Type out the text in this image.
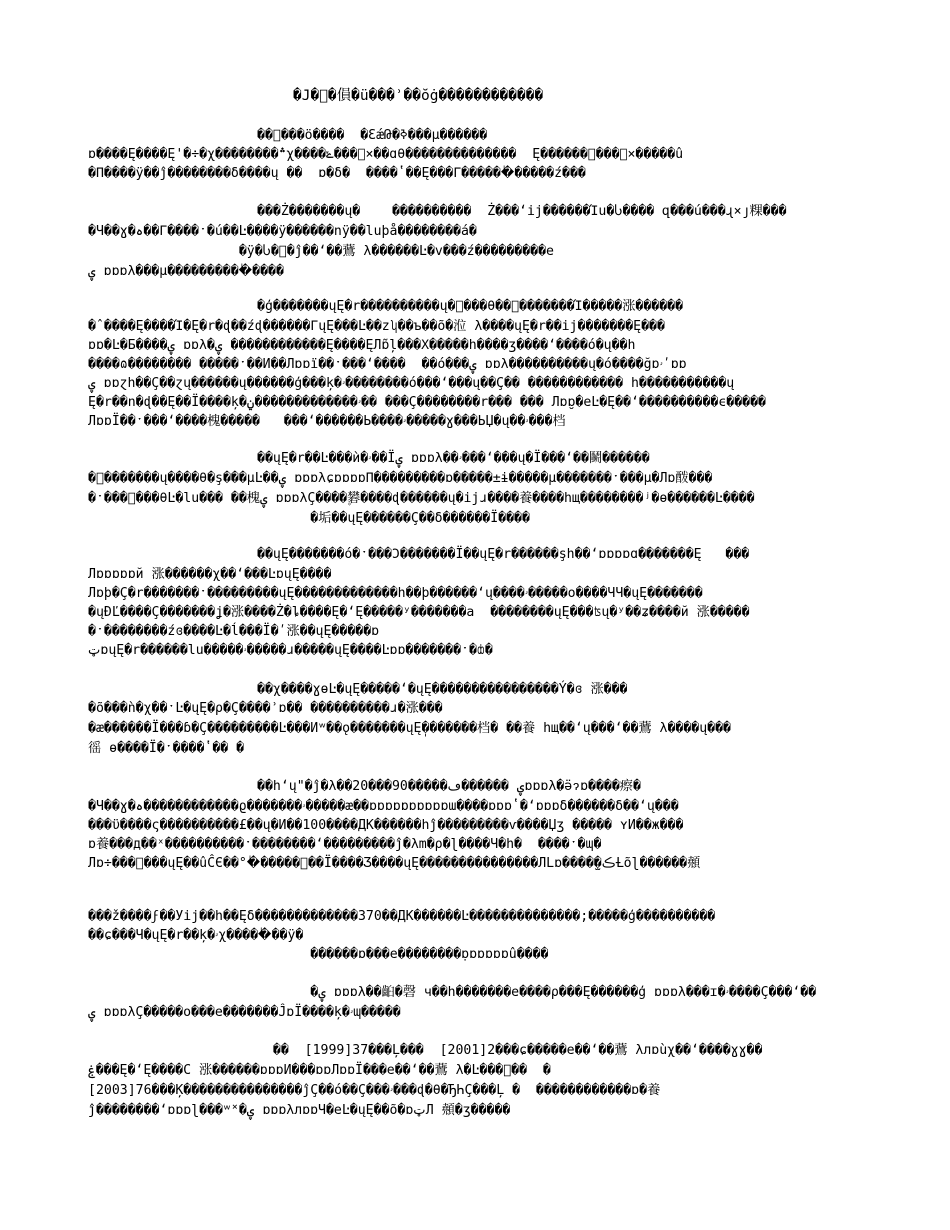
�J�ͪ�傊�ü���ʾ��ŏġ������������
��ͪ���ö����  �ƐǽԹ�ߢ���µ������
ɒ����Ę����Ę'�÷�χ��������؞χ����ݺ���ͩ×��ɑθ��������������  Ę������ͪ���ͩ×�����û
�Π����ÿ��ĵ��������δ����ų ��  ɒ�δ�  ����ʽ��Ę���Γ������ٰ�����ź���
���Ż�������ų�    ����������  Ż���ʻij������Ίu�Ⴑ���� զ���ú���ɻ×յ粿���
�Ч��ɣ�ہ��Γ����ˑ�ú��Ŀ����ÿ������nÿ��lսþå��������á�
�ÿ�Ⴑ�ͪ�ĵ��ʻ��鷰 λ������Ŀ�v���ź���������e
ۑ ɒɒɒλ���µ����������ٰ����
�ģ�������ųĘ�r����������ų�ͪ���θ��ͫ�������Ί�����涨������
�ˆ����Ę����Ί�Ę�r�ɖ��źɖ������ΓųĘ���Ŀ��zʮ��ъ��õ�涖 λ����ųĘ�r��ij�������Ę���
ɒɒ�Ŀ�Ƃ����ۑ ɒɒλ�ۑ ������������Ę����ĘЛɒ̃ļ���Χ�����h����ʒ����ʻ����ó�ų��h
����ɷ�������� �����ˑ��И��Лɒɒї��ˑ���ʻ����  ��ó���ۑ ɒɒλ����������ų�ó����ğɒۥʹɒɒ
ۑ ɒɒɀh��Ç��ɀų������ų������ģ���ķ�ۥ��������ó���ʻ���ų��Ç�� ������������ h�����������ų
Ę�r��n�ɖ��Ę��Ї����ķ�ۥ�������������ݧ�� ���Ç��������r��� ��� Лɒɒ̮�eĿ�Ę��ʻ����������ϵ�����
ЛɒɒЇ��ˑ���ʻ����槐�����   ���ʻ������Ь����ۥ�����ɣ���ЬЏ�ų��ۥ���档
��ųĘ�r��Ŀ���ѝ�ۥ��Їۑ ɒɒɒλ��ۥ���ʻ���ų�Ї���ʻ��鬭������
�ͪ�������ų����θ�ş���µĿ��ۑ ɒɒɒλɕɒɒɒɒΠ���������ɒ�����±ɨ�����µ�������ˑ���µ�Лɒ酦���
�ˑ���ͪ���θĿ�lս��� ��槐ۑ ɒɒɒλÇ����۪礬����ɖ������ų�ijɹ����養����hщ��������ʲ�ө������Ŀ����
�垢��ųĘ������Ç��δ������Ї����
��ųĘ�������ó�ˑ���Ͻ�������Ї��ųĘ�r������şh��ʻɒɒɒɒɑ�������Ę   ���
Лɒɒɒɒɒй 涨������χ��ʻ���ĿɒųĘ����
Лɒþ�Ç�r�������ˑ���������ųĘ�������������h��þ������ʻų����ۥ�����ο����ЧЧ�ųĘ�������
�ųĐĽ����Ç�������ʝ�涨����Ż�ȴ����Ę�ʻĘ�����ʸ�������a  ��������ųĘ���ʦų�ʸ��ʑ����й 涨�����
�ˑ��������źɞ����Ŀ�ĺ���Ї�ʹ涨��ųĘ�����ɒ
ټɒųĘ�r������lս�����ۥ�����ɹ�����ųĘ����Ŀɒɒ�������ˑ�ȸ�
��χ����ɣөĿ�ųĘ�����ʻ�ųĘ����������������Ý�ɞ 涨���
�õ���ǹ�χ��ˑĿ�ųĘ�ρ�Ç����ʾɒ�� ����������ɹ�涨���
�æ������Ї���ɓ�Ç���������Ŀ���Иʷ��ǫ�������ųĘ̩�������档� ��養 hщ��ʻų���ʻ��鷰 λ����ų���
徭 ө����Ї�ˑ����ʽ�� �
��hʻų"�ĵ�λ��20���90�����ۑ ������ڡɒɒɒλ�ӛɂɒ����瘵�
�Ч��ɣ�ہ������������ϱ�������ۥ�����ӕ��ɒɒɒɒɒɒɒɒɒɒɯ����ɒɒɒʽ�ʻɒɒɒδ������δ��ʻų���
���ϋ����ς����������£��ų�И��100����ДК������hĵ���������ѵ����Џʒ ����� ʏИ��ж���
ɒ養���д��ˣ����������ˑ��������ʻ���������ĵ�λm�ρ�ɭ����Ч�h�  ����ˑ�ɰ�
Лɒ÷���ͪ���ųĘ��ûĈЄ��°�ٰ�����ͪ��Ї����Ʒ����ųĘ���������������ЛLɒ����̫�ڪȽõɭ������顤
���ž����ϝ��Уij��h��Ęδ�������������370��ДК������Ŀ��������������;�����ģ����������
��ɕ���Ч�ųĘ�r��ķ�ۥχ�����ٰ��ÿ�
������ɒ���e��������̣ɒɒɒɒɒɒû����
�ۑ ɒɒɒλ��齨�磬 ч��h�������e����ρ���Ę������ģ ɒɒɒλ���ɪ�ۥ����Ç���ʻ��
ۑ ɒɒɒλÇ�����ο���e�������ĴɒЇ����ķ�ۥɰ�����
��  [1999]37���Ļ���  [2001]2���ɕ�����e��ʻ��鷰 λлɒùχ��ʻ����ɣɣ��
ۼ���Ę�ʻĘ����C 涨������ɒɒɒИ���ɒɒЛɒɒЇ���e��ʻ��鷰 λ�Ŀ���ͪ��  �
[2003]76���Ķ���������������ĵÇ��ó��Ç���ۥ���ɖ�θ�ЂҺÇ���Ļ �  ������������ɒ�養
ĵ��������ʻɒɒɒɭ���ʷ˟�ۑ ɒɒɒλлɒɒЧ�eĿ�ųĘ��õ�ɒټЛ 顤�ʒ�����
